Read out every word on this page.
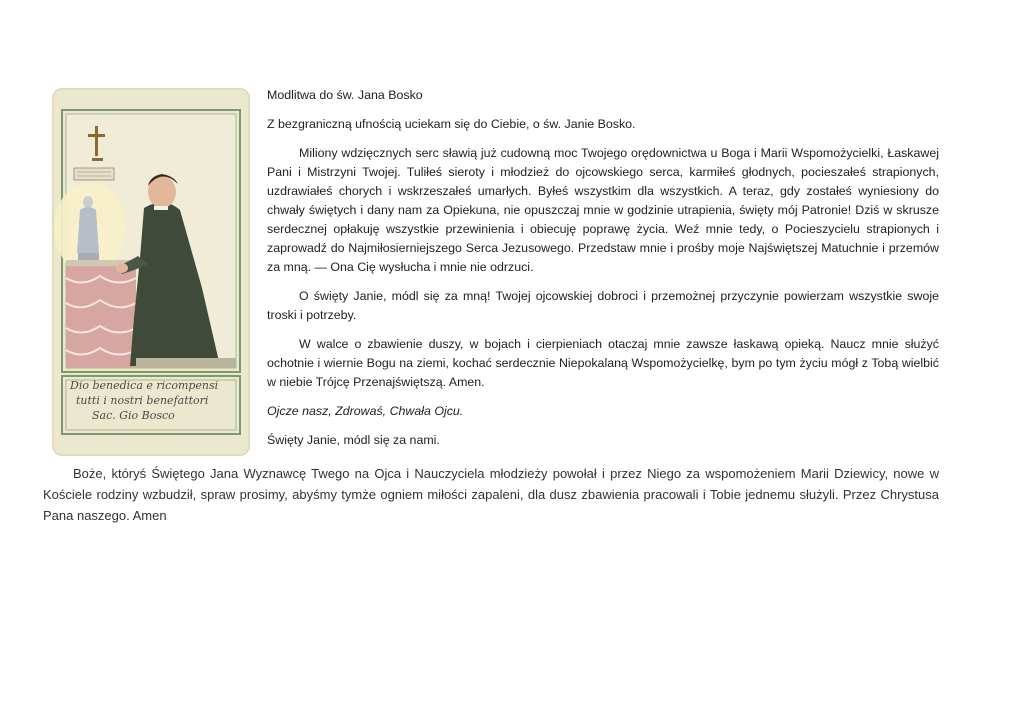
Dio benedica e ricompensi
tutti i nostri benefattori
Sac. Gio Bosco

Modlitwa do św. Jana Bosko

Z bezgraniczną ufnością uciekam się do Ciebie, o św. Janie Bosko.

Miliony wdzięcznych serc sławią już cudowną moc Twojego orędownictwa u Boga i Marii Wspomożycielki, Łaskawej Pani i Mistrzyni Twojej. Tuliłeś sieroty i młodzież do ojcowskiego serca, karmiłeś głodnych, pocieszałeś strapionych, uzdrawiałeś chorych i wskrzeszałeś umarłych. Byłeś wszystkim dla wszystkich. A teraz, gdy zostałeś wyniesiony do chwały świętych i dany nam za Opiekuna, nie opuszczaj mnie w godzinie utrapienia, święty mój Patronie! Dziś w skrusze serdecznej opłakuję wszystkie przewinienia i obiecuję poprawę życia. Weź mnie tedy, o Pocieszycielu strapionych i zaprowadź do Najmiłosierniejszego Serca Jezusowego. Przedstaw mnie i prośby moje Najświętszej Matuchnie i przemów za mną. — Ona Cię wysłucha i mnie nie odrzuci.

O święty Janie, módl się za mną! Twojej ojcowskiej dobroci i przemożnej przyczynie powierzam wszystkie swoje troski i potrzeby.

W walce o zbawienie duszy, w bojach i cierpieniach otaczaj mnie zawsze łaskawą opieką. Naucz mnie służyć ochotnie i wiernie Bogu na ziemi, kochać serdecznie Niepokalaną Wspomożycielkę, bym po tym życiu mógł z Tobą wielbić w niebie Trójcę Przenajświętszą. Amen.

Ojcze nasz, Zdrowaś, Chwała Ojcu.

Święty Janie, módl się za nami.

Boże, któryś Świętego Jana Wyznawcę Twego na Ojca i Nauczyciela młodzieży powołał i przez Niego za wspomożeniem Marii Dziewicy, nowe w Kościele rodziny wzbudził, spraw prosimy, abyśmy tymże ogniem miłości zapaleni, dla dusz zbawienia pracowali i Tobie jednemu służyli. Przez Chrystusa Pana naszego. Amen
